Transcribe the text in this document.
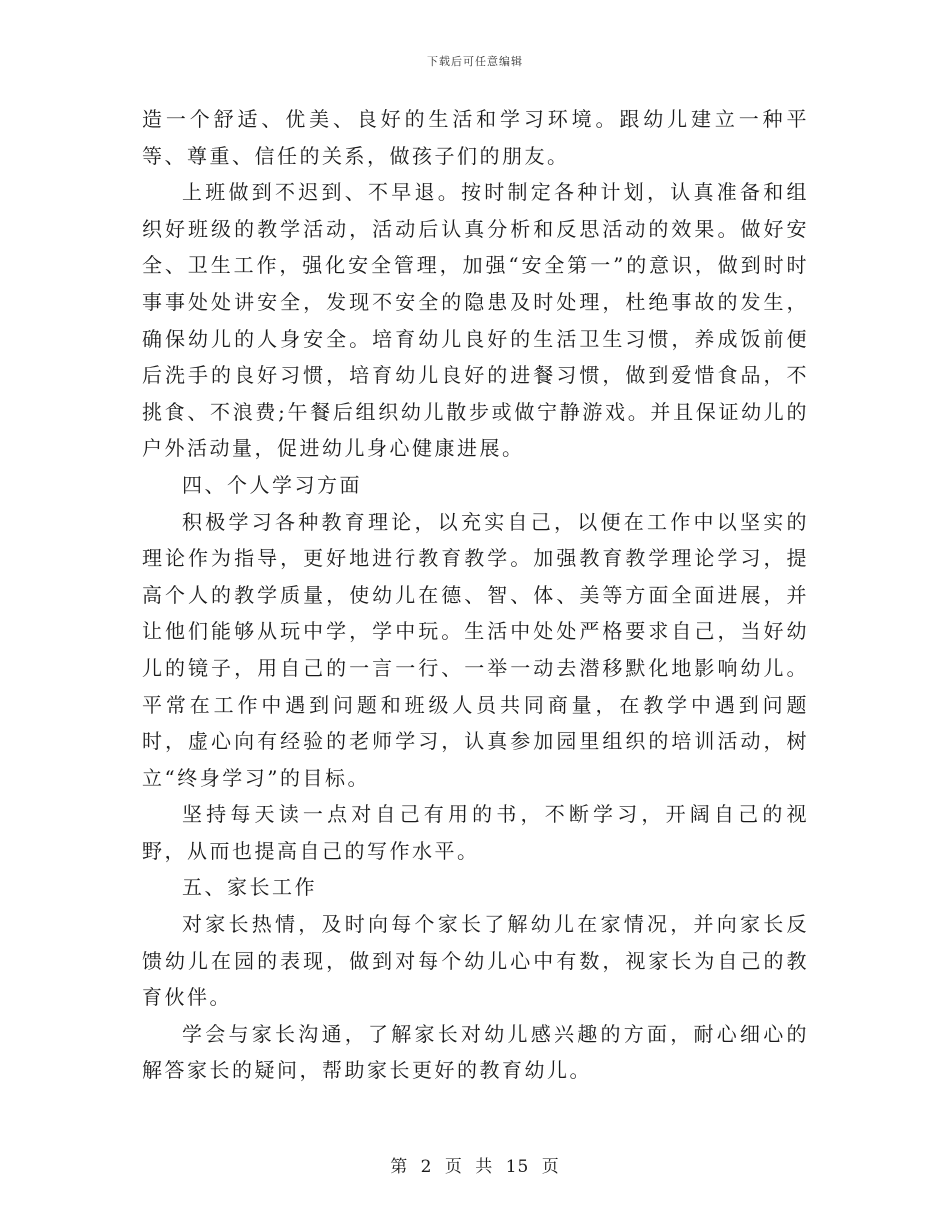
下载后可任意编辑

造一个舒适、优美、良好的生活和学习环境。跟幼儿建立一种平等、尊重、信任的关系，做孩子们的朋友。

上班做到不迟到、不早退。按时制定各种计划，认真准备和组织好班级的教学活动，活动后认真分析和反思活动的效果。做好安全、卫生工作，强化安全管理，加强“安全第一”的意识，做到时时事事处处讲安全，发现不安全的隐患及时处理，杜绝事故的发生，确保幼儿的人身安全。培育幼儿良好的生活卫生习惯，养成饭前便后洗手的良好习惯，培育幼儿良好的进餐习惯，做到爱惜食品，不挑食、不浪费;午餐后组织幼儿散步或做宁静游戏。并且保证幼儿的户外活动量，促进幼儿身心健康进展。

四、个人学习方面

积极学习各种教育理论，以充实自己，以便在工作中以坚实的理论作为指导，更好地进行教育教学。加强教育教学理论学习，提高个人的教学质量，使幼儿在德、智、体、美等方面全面进展，并让他们能够从玩中学，学中玩。生活中处处严格要求自己，当好幼儿的镜子，用自己的一言一行、一举一动去潜移默化地影响幼儿。平常在工作中遇到问题和班级人员共同商量，在教学中遇到问题时，虚心向有经验的老师学习，认真参加园里组织的培训活动，树立“终身学习”的目标。

坚持每天读一点对自己有用的书，不断学习，开阔自己的视野，从而也提高自己的写作水平。

五、家长工作

对家长热情，及时向每个家长了解幼儿在家情况，并向家长反馈幼儿在园的表现，做到对每个幼儿心中有数，视家长为自己的教育伙伴。

学会与家长沟通，了解家长对幼儿感兴趣的方面，耐心细心的解答家长的疑问，帮助家长更好的教育幼儿。

第 2 页 共 15 页
